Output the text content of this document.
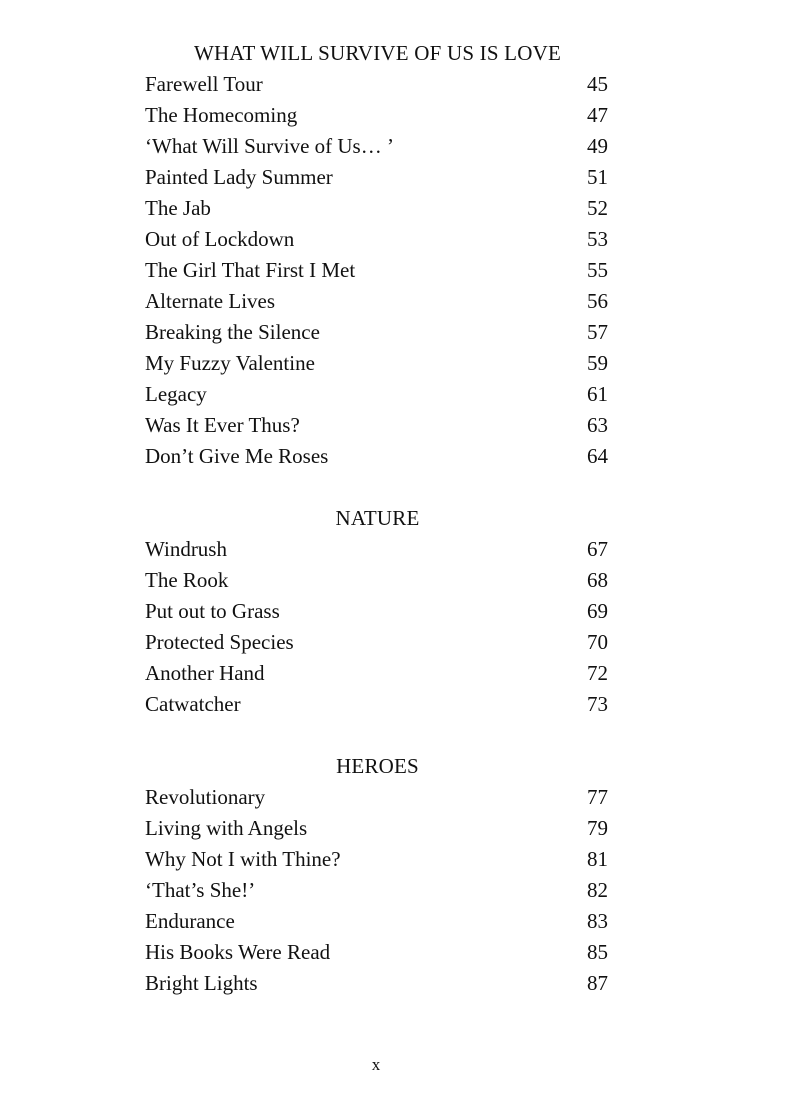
WHAT WILL SURVIVE OF US IS LOVE
Farewell Tour	45
The Homecoming	47
‘What Will Survive of Us… ’	49
Painted Lady Summer	51
The Jab	52
Out of Lockdown	53
The Girl That First I Met	55
Alternate Lives	56
Breaking the Silence	57
My Fuzzy Valentine	59
Legacy	61
Was It Ever Thus?	63
Don’t Give Me Roses	64
NATURE
Windrush	67
The Rook	68
Put out to Grass	69
Protected Species	70
Another Hand	72
Catwatcher	73
HEROES
Revolutionary	77
Living with Angels	79
Why Not I with Thine?	81
‘That’s She!’	82
Endurance	83
His Books Were Read	85
Bright Lights	87
x
